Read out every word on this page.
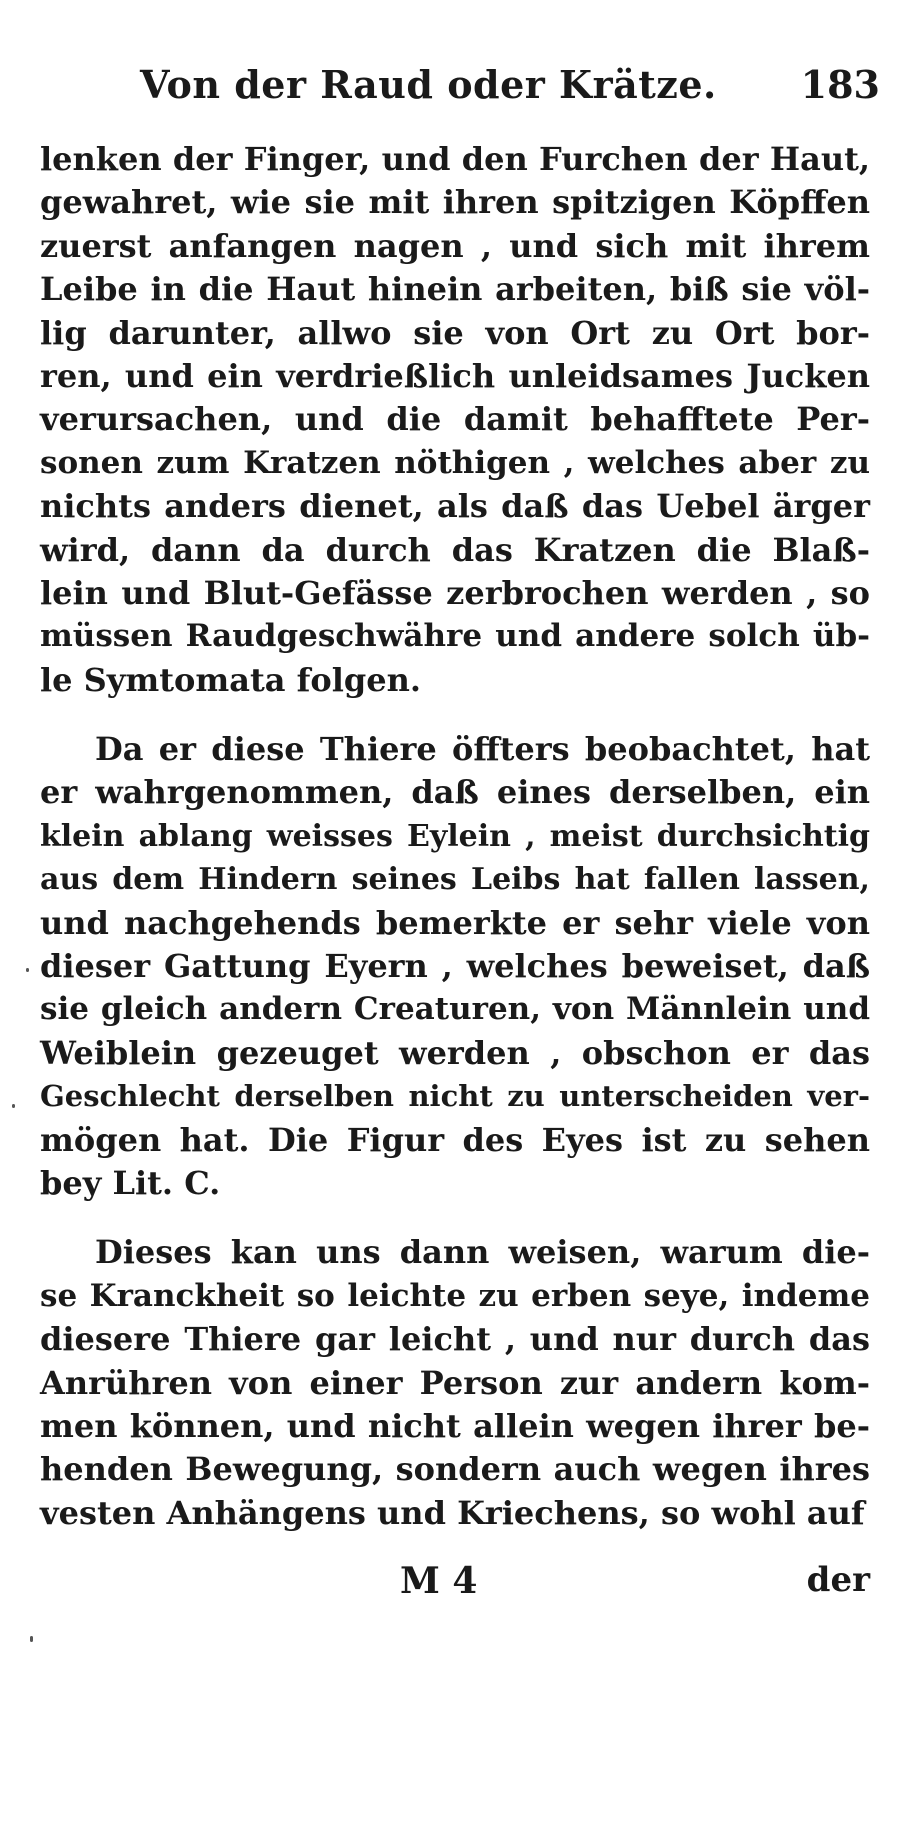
Von der Raud oder Krätze. 183
lenken der Finger, und den Furchen der Haut,
gewahret, wie sie mit ihren spitzigen Köpffen
zuerst anfangen nagen , und sich mit ihrem
Leibe in die Haut hinein arbeiten, biß sie völ-
lig darunter, allwo sie von Ort zu Ort bor-
ren, und ein verdrießlich unleidsames Jucken
verursachen, und die damit behafftete Per-
sonen zum Kratzen nöthigen , welches aber zu
nichts anders dienet, als daß das Uebel ärger
wird, dann da durch das Kratzen die Blaß-
lein und Blut-Gefässe zerbrochen werden , so
müssen Raudgeschwähre und andere solch üb-
le Symtomata folgen.
Da er diese Thiere öffters beobachtet, hat
er wahrgenommen, daß eines derselben, ein
klein ablang weisses Eylein , meist durchsichtig
aus dem Hindern seines Leibs hat fallen lassen,
und nachgehends bemerkte er sehr viele von
dieser Gattung Eyern , welches beweiset, daß
sie gleich andern Creaturen, von Männlein und
Weiblein gezeuget werden , obschon er das
Geschlecht derselben nicht zu unterscheiden ver-
mögen hat. Die Figur des Eyes ist zu sehen
bey Lit. C.
Dieses kan uns dann weisen, warum die-
se Kranckheit so leichte zu erben seye, indeme
diesere Thiere gar leicht , und nur durch das
Anrühren von einer Person zur andern kom-
men können, und nicht allein wegen ihrer be-
henden Bewegung, sondern auch wegen ihres
vesten Anhängens und Kriechens, so wohl auf
M 4	der
